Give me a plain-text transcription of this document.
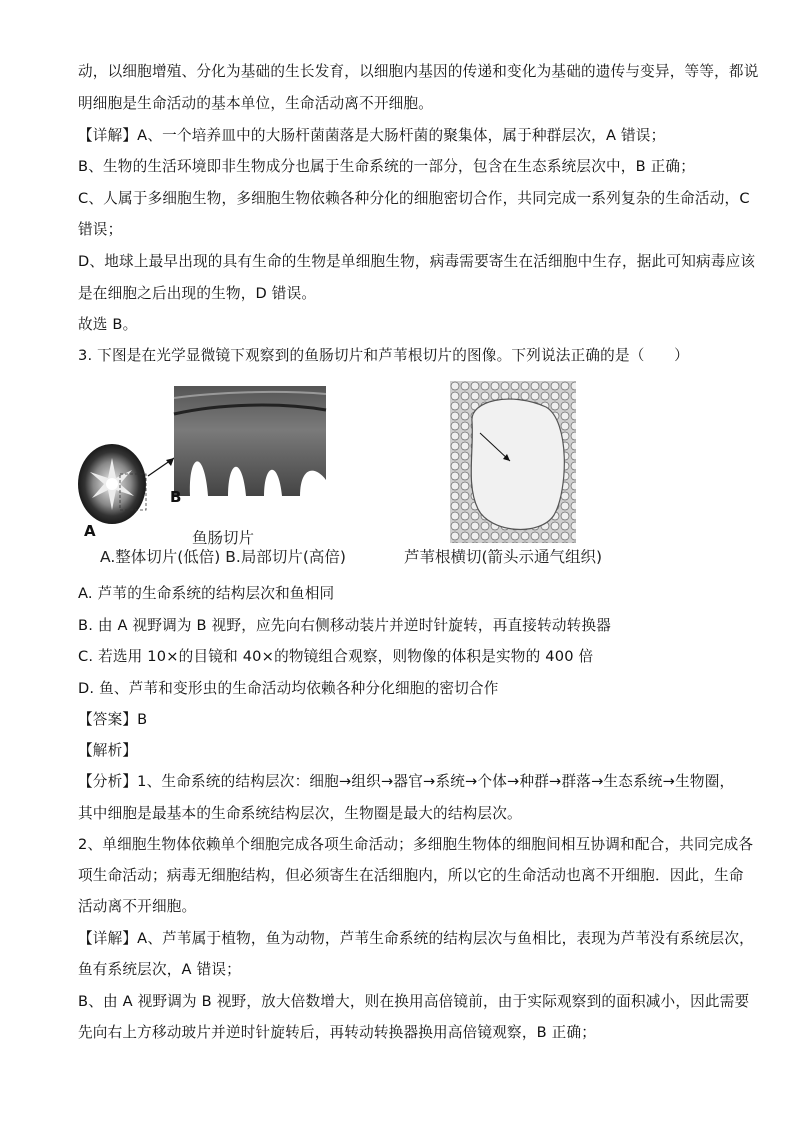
动，以细胞增殖、分化为基础的生长发育，以细胞内基因的传递和变化为基础的遗传与变异，等等，都说
明细胞是生命活动的基本单位，生命活动离不开细胞。
【详解】A、一个培养皿中的大肠杆菌菌落是大肠杆菌的聚集体，属于种群层次，A 错误；
B、生物的生活环境即非生物成分也属于生命系统的一部分，包含在生态系统层次中，B 正确；
C、人属于多细胞生物，多细胞生物依赖各种分化的细胞密切合作，共同完成一系列复杂的生命活动，C
错误；
D、地球上最早出现的具有生命的生物是单细胞生物，病毒需要寄生在活细胞中生存，据此可知病毒应该
是在细胞之后出现的生物，D 错误。
故选 B。
3. 下图是在光学显微镜下观察到的鱼肠切片和芦苇根切片的图像。下列说法正确的是（　　）
B
A	鱼肠切片
A.整体切片(低倍) B.局部切片(高倍)	芦苇根横切(箭头示通气组织)
A. 芦苇的生命系统的结构层次和鱼相同
B. 由 A 视野调为 B 视野，应先向右侧移动装片并逆时针旋转，再直接转动转换器
C. 若选用 10×的目镜和 40×的物镜组合观察，则物像的体积是实物的 400 倍
D. 鱼、芦苇和变形虫的生命活动均依赖各种分化细胞的密切合作
【答案】B
【解析】
【分析】1、生命系统的结构层次：细胞→组织→器官→系统→个体→种群→群落→生态系统→生物圈，
其中细胞是最基本的生命系统结构层次，生物圈是最大的结构层次。
2、单细胞生物体依赖单个细胞完成各项生命活动；多细胞生物体的细胞间相互协调和配合，共同完成各
项生命活动；病毒无细胞结构，但必须寄生在活细胞内，所以它的生命活动也离不开细胞．因此，生命
活动离不开细胞。
【详解】A、芦苇属于植物，鱼为动物，芦苇生命系统的结构层次与鱼相比，表现为芦苇没有系统层次，
鱼有系统层次，A 错误；
B、由 A 视野调为 B 视野，放大倍数增大，则在换用高倍镜前，由于实际观察到的面积减小，因此需要
先向右上方移动玻片并逆时针旋转后，再转动转换器换用高倍镜观察，B 正确；
